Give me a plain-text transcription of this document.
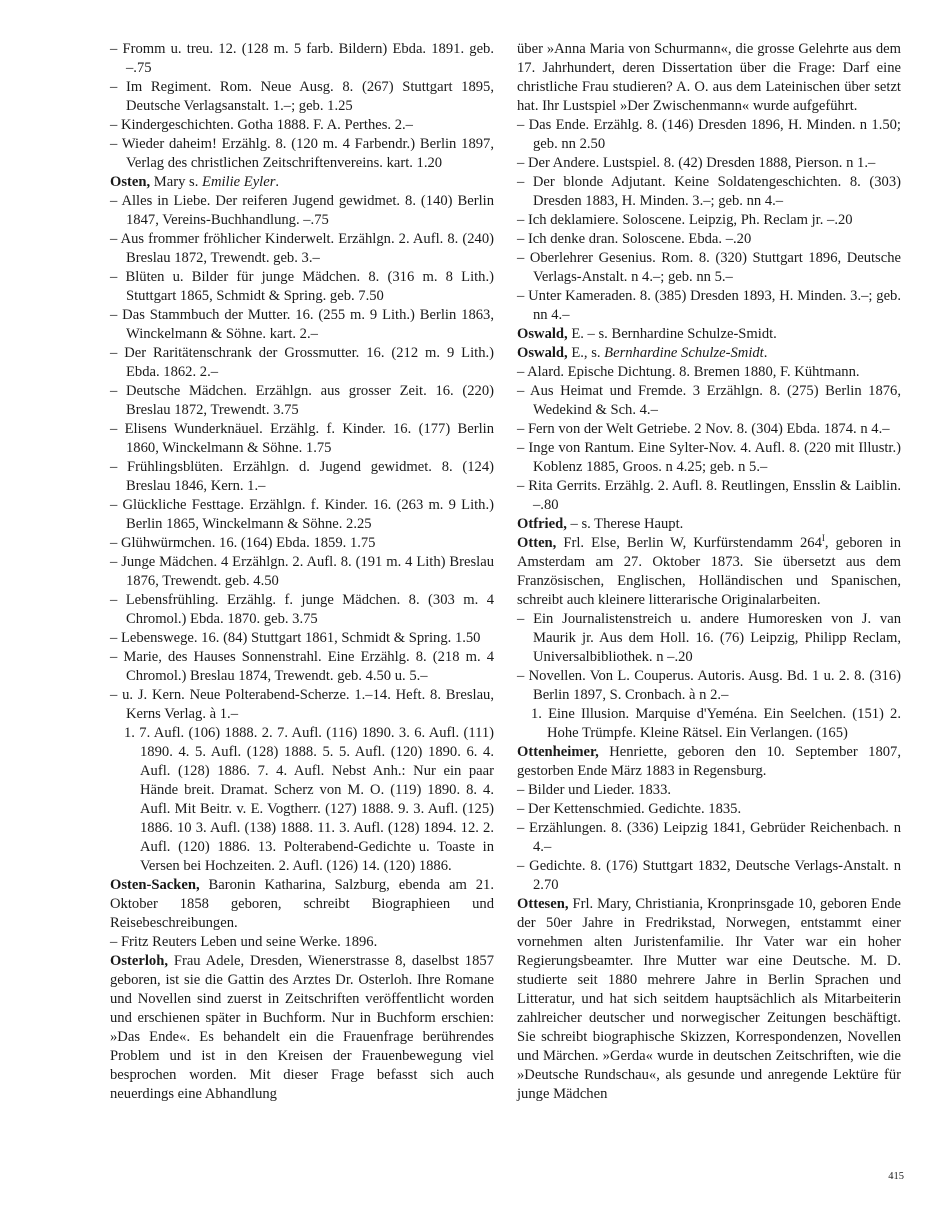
– Fromm u. treu. 12. (128 m. 5 farb. Bildern) Ebda. 1891. geb. –.75

– Im Regiment. Rom. Neue Ausg. 8. (267) Stuttgart 1895, Deutsche Verlagsanstalt. 1.–; geb. 1.25

– Kindergeschichten. Gotha 1888. F. A. Perthes. 2.–

– Wieder daheim! Erzählg. 8. (120 m. 4 Farbendr.) Berlin 1897, Verlag des christlichen Zeitschriftenvereins. kart. 1.20

Osten, Mary s. Emilie Eyler.

– Alles in Liebe. Der reiferen Jugend gewidmet. 8. (140) Berlin 1847, Vereins-Buchhandlung. –.75

– Aus frommer fröhlicher Kinderwelt. Erzählgn. 2. Aufl. 8. (240) Breslau 1872, Trewendt. geb. 3.–

– Blüten u. Bilder für junge Mädchen. 8. (316 m. 8 Lith.) Stuttgart 1865, Schmidt & Spring. geb. 7.50

– Das Stammbuch der Mutter. 16. (255 m. 9 Lith.) Berlin 1863, Winckelmann & Söhne. kart. 2.–

– Der Raritätenschrank der Grossmutter. 16. (212 m. 9 Lith.) Ebda. 1862. 2.–

– Deutsche Mädchen. Erzählgn. aus grosser Zeit. 16. (220) Breslau 1872, Trewendt. 3.75

– Elisens Wunderknäuel. Erzählg. f. Kinder. 16. (177) Berlin 1860, Winckelmann & Söhne. 1.75

– Frühlingsblüten. Erzählgn. d. Jugend gewidmet. 8. (124) Breslau 1846, Kern. 1.–

– Glückliche Festtage. Erzählgn. f. Kinder. 16. (263 m. 9 Lith.) Berlin 1865, Winckelmann & Söhne. 2.25

– Glühwürmchen. 16. (164) Ebda. 1859. 1.75

– Junge Mädchen. 4 Erzählgn. 2. Aufl. 8. (191 m. 4 Lith) Breslau 1876, Trewendt. geb. 4.50

– Lebensfrühling. Erzählg. f. junge Mädchen. 8. (303 m. 4 Chromol.) Ebda. 1870. geb. 3.75

– Lebenswege. 16. (84) Stuttgart 1861, Schmidt & Spring. 1.50

– Marie, des Hauses Sonnenstrahl. Eine Erzählg. 8. (218 m. 4 Chromol.) Breslau 1874, Trewendt. geb. 4.50 u. 5.–

– u. J. Kern. Neue Polterabend-Scherze. 1.–14. Heft. 8. Breslau, Kerns Verlag. à 1.–

1. 7. Aufl. (106) 1888. 2. 7. Aufl. (116) 1890. 3. 6. Aufl. (111) 1890. 4. 5. Aufl. (128) 1888. 5. 5. Aufl. (120) 1890. 6. 4. Aufl. (128) 1886. 7. 4. Aufl. Nebst Anh.: Nur ein paar Hände breit. Dramat. Scherz von M. O. (119) 1890. 8. 4. Aufl. Mit Beitr. v. E. Vogtherr. (127) 1888. 9. 3. Aufl. (125) 1886. 10 3. Aufl. (138) 1888. 11. 3. Aufl. (128) 1894. 12. 2. Aufl. (120) 1886. 13. Polterabend-Gedichte u. Toaste in Versen bei Hochzeiten. 2. Aufl. (126) 14. (120) 1886.

Osten-Sacken, Baronin Katharina, Salzburg, ebenda am 21. Oktober 1858 geboren, schreibt Biographieen und Reisebeschreibungen.

– Fritz Reuters Leben und seine Werke. 1896.

Osterloh, Frau Adele, Dresden, Wienerstrasse 8, daselbst 1857 geboren, ist sie die Gattin des Arztes Dr. Osterloh. Ihre Romane und Novellen sind zuerst in Zeitschriften veröffentlicht worden und erschienen später in Buchform. Nur in Buchform erschien: »Das Ende«. Es behandelt ein die Frauenfrage berührendes Problem und ist in den Kreisen der Frauenbewegung viel besprochen worden. Mit dieser Frage befasst sich auch neuerdings eine Abhandlung

über »Anna Maria von Schurmann«, die grosse Gelehrte aus dem 17. Jahrhundert, deren Dissertation über die Frage: Darf eine christliche Frau studieren? A. O. aus dem Lateinischen über setzt hat. Ihr Lustspiel »Der Zwischenmann« wurde aufgeführt.

– Das Ende. Erzählg. 8. (146) Dresden 1896, H. Minden. n 1.50; geb. nn 2.50

– Der Andere. Lustspiel. 8. (42) Dresden 1888, Pierson. n 1.–

– Der blonde Adjutant. Keine Soldatengeschichten. 8. (303) Dresden 1883, H. Minden. 3.–; geb. nn 4.–

– Ich deklamiere. Soloscene. Leipzig, Ph. Reclam jr. –.20

– Ich denke dran. Soloscene. Ebda. –.20

– Oberlehrer Gesenius. Rom. 8. (320) Stuttgart 1896, Deutsche Verlags-Anstalt. n 4.–; geb. nn 5.–

– Unter Kameraden. 8. (385) Dresden 1893, H. Minden. 3.–; geb. nn 4.–

Oswald, E. – s. Bernhardine Schulze-Smidt.

Oswald, E., s. Bernhardine Schulze-Smidt.

– Alard. Epische Dichtung. 8. Bremen 1880, F. Kühtmann.

– Aus Heimat und Fremde. 3 Erzählgn. 8. (275) Berlin 1876, Wedekind & Sch. 4.–

– Fern von der Welt Getriebe. 2 Nov. 8. (304) Ebda. 1874. n 4.–

– Inge von Rantum. Eine Sylter-Nov. 4. Aufl. 8. (220 mit Illustr.) Koblenz 1885, Groos. n 4.25; geb. n 5.–

– Rita Gerrits. Erzählg. 2. Aufl. 8. Reutlingen, Ensslin & Laiblin. –.80

Otfried, – s. Therese Haupt.

Otten, Frl. Else, Berlin W, Kurfürstendamm $264^I$, geboren in Amsterdam am 27. Oktober 1873. Sie übersetzt aus dem Französischen, Englischen, Holländischen und Spanischen, schreibt auch kleinere litterarische Originalarbeiten.

– Ein Journalistenstreich u. andere Humoresken von J. van Maurik jr. Aus dem Holl. 16. (76) Leipzig, Philipp Reclam, Universalbibliothek. n –.20

– Novellen. Von L. Couperus. Autoris. Ausg. Bd. 1 u. 2. 8. (316) Berlin 1897, S. Cronbach. à n 2.–

1. Eine Illusion. Marquise d'Yeména. Ein Seelchen. (151) 2. Hohe Trümpfe. Kleine Rätsel. Ein Verlangen. (165)

Ottenheimer, Henriette, geboren den 10. September 1807, gestorben Ende März 1883 in Regensburg.

– Bilder und Lieder. 1833.

– Der Kettenschmied. Gedichte. 1835.

– Erzählungen. 8. (336) Leipzig 1841, Gebrüder Reichenbach. n 4.–

– Gedichte. 8. (176) Stuttgart 1832, Deutsche Verlags-Anstalt. n 2.70

Ottesen, Frl. Mary, Christiania, Kronprinsgade 10, geboren Ende der 50er Jahre in Fredrikstad, Norwegen, entstammt einer vornehmen alten Juristenfamilie. Ihr Vater war ein hoher Regierungsbeamter. Ihre Mutter war eine Deutsche. M. D. studierte seit 1880 mehrere Jahre in Berlin Sprachen und Litteratur, und hat sich seitdem hauptsächlich als Mitarbeiterin zahlreicher deutscher und norwegischer Zeitungen beschäftigt. Sie schreibt biographische Skizzen, Korrespondenzen, Novellen und Märchen. »Gerda« wurde in deutschen Zeitschriften, wie die »Deutsche Rundschau«, als gesunde und anregende Lektüre für junge Mädchen

415
